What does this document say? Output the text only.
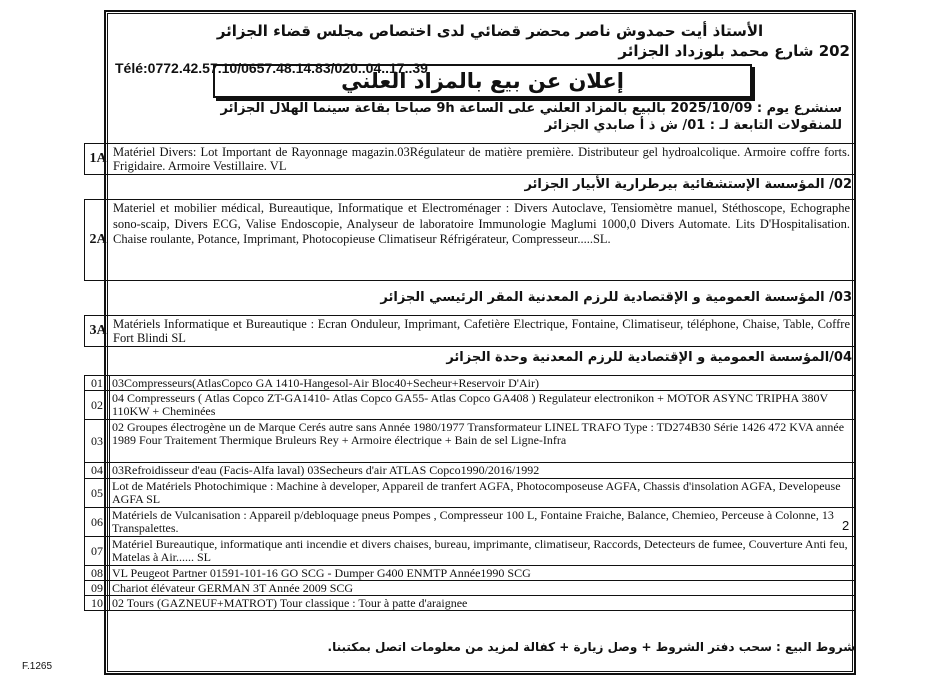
الأستاذ أيت حمدوش ناصر محضر قضائي لدى اختصاص مجلس قضاء الجزائر
202 شارع محمد بلوزداد الجزائر
Télé:0772.42.57.10/0657.48.14.83/020..04..17..39
إعلان عن بيع بالمزاد العلني
سنشرع يوم : 2025/10/09 بالبيع بالمزاد العلني على الساعة 9h صباحا بقاعة سينما الهلال الجزائر
للمنقولات التابعة لـ : 01/ ش ذ أ صابدي الجزائر
1A Matériel Divers: Lot Important de Rayonnage magazin.03Régulateur de matière première. Distributeur gel hydroalcolique. Armoire coffre forts. Frigidaire. Armoire Vestillaire. VL
02/ المؤسسة الإستشفائية بيرطرارية الأبيار الجزائر
2A
Materiel et mobilier médical, Bureautique, Informatique et Electroménager : Divers Autoclave, Tensiomètre manuel, Stéthoscope, Echographe sono-scaip, Divers ECG, Valise Endoscopie, Analyseur de laboratoire Immunologie Maglumi 1000,0 Divers Automate. Lits D'Hospitalisation. Chaise roulante, Potance, Imprimant, Photocopieuse Climatiseur Réfrigérateur, Compresseur.....SL.
03/ المؤسسة العمومية و الإقتصادية للرزم المعدنية المقر الرئيسي الجزائر
3A Matériels Informatique et Bureautique : Ecran Onduleur, Imprimant, Cafetière Electrique, Fontaine, Climatiseur, téléphone, Chaise, Table, Coffre Fort Blindi SL
04/المؤسسة العمومية و الإقتصادية للرزم المعدنية وحدة الجزائر
01 03Compresseurs(AtlasCopco GA 1410-Hangesol-Air Bloc40+Secheur+Reservoir D'Air)
02 04 Compresseurs ( Atlas Copco ZT-GA1410- Atlas Copco GA55- Atlas Copco GA408 ) Regulateur electronikon + MOTOR ASYNC TRIPHA 380V 110KW + Cheminées
03
02 Groupes électrogène un de Marque Cerés autre sans Année 1980/1977 Transformateur LINEL TRAFO Type : TD274B30 Série 1426 472 KVA année 1989 Four Traitement Thermique Bruleurs Rey + Armoire électrique + Bain de sel Ligne-Infra
04 03Refroidisseur d'eau (Facis-Alfa laval) 03Secheurs d'air ATLAS Copco1990/2016/1992
05 Lot de Matériels Photochimique : Machine à developer, Appareil de tranfert AGFA, Photocomposeuse AGFA, Chassis d'insolation AGFA, Developeuse AGFA SL
06 Matériels de Vulcanisation : Appareil p/debloquage pneus Pompes , Compresseur 100 L, Fontaine Fraiche, Balance, Chemieo, Perceuse à Colonne, 13 Transpalettes.
07 Matériel Bureautique, informatique anti incendie et divers chaises, bureau, imprimante, climatiseur, Raccords, Detecteurs de fumee, Couverture Anti feu, Matelas à Air...... SL
08 VL Peugeot Partner 01591-101-16 GO SCG - Dumper G400 ENMTP Année1990 SCG
09 Chariot élévateur GERMAN 3T Année 2009 SCG
10 02 Tours (GAZNEUF+MATROT) Tour classique : Tour à patte d'araignee
شروط البيع : سحب دفتر الشروط + وصل زيارة + كفالة لمزيد من معلومات اتصل بمكتبنا.
F.1265
2
